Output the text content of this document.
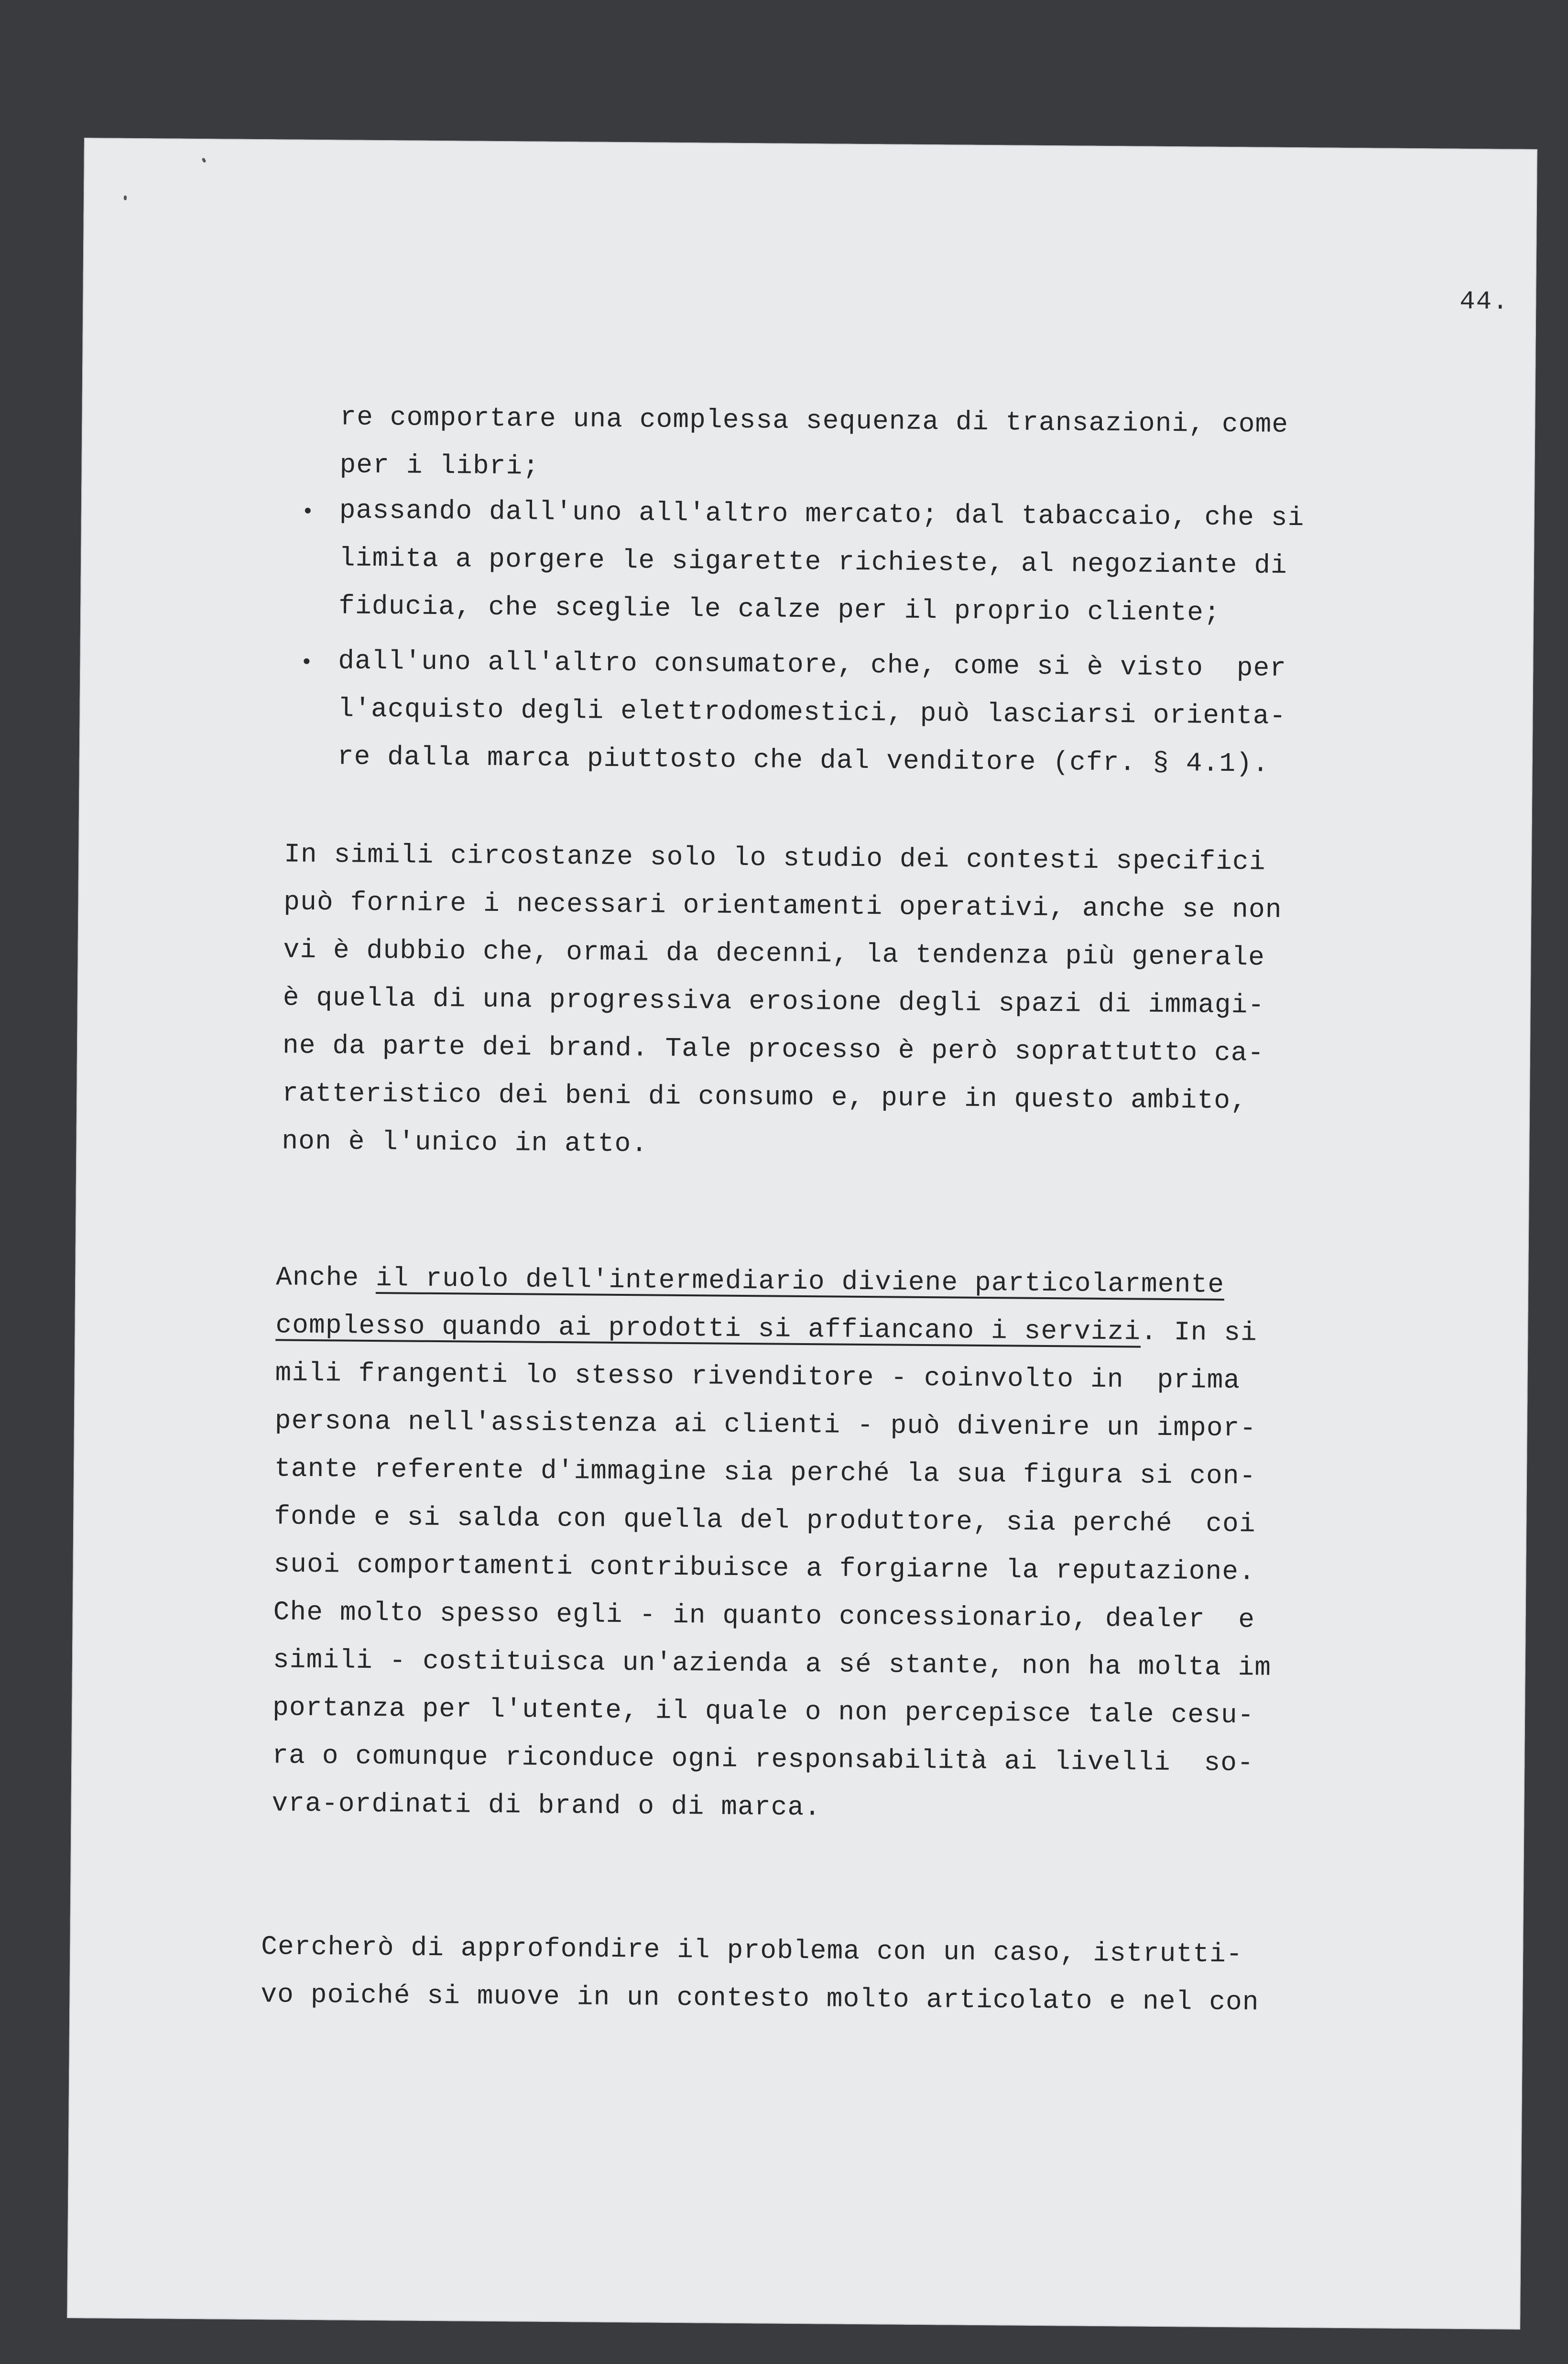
44.
re comportare una complessa sequenza di transazioni, come
per i libri;
passando dall'uno all'altro mercato; dal tabaccaio, che si
limita a porgere le sigarette richieste, al negoziante di
fiducia, che sceglie le calze per il proprio cliente;
dall'uno all'altro consumatore, che, come si è visto  per
l'acquisto degli elettrodomestici, può lasciarsi orienta-
re dalla marca piuttosto che dal venditore (cfr. § 4.1).
In simili circostanze solo lo studio dei contesti specifici
può fornire i necessari orientamenti operativi, anche se non
vi è dubbio che, ormai da decenni, la tendenza più generale
è quella di una progressiva erosione degli spazi di immagi-
ne da parte dei brand. Tale processo è però soprattutto ca-
ratteristico dei beni di consumo e, pure in questo ambito,
non è l'unico in atto.
Anche il ruolo dell'intermediario diviene particolarmente
complesso quando ai prodotti si affiancano i servizi. In si
mili frangenti lo stesso rivenditore - coinvolto in  prima
persona nell'assistenza ai clienti - può divenire un impor-
tante referente d'immagine sia perché la sua figura si con-
fonde e si salda con quella del produttore, sia perché  coi
suoi comportamenti contribuisce a forgiarne la reputazione.
Che molto spesso egli - in quanto concessionario, dealer  e
simili - costituisca un'azienda a sé stante, non ha molta im
portanza per l'utente, il quale o non percepisce tale cesu-
ra o comunque riconduce ogni responsabilità ai livelli  so-
vra-ordinati di brand o di marca.
Cercherò di approfondire il problema con un caso, istrutti-
vo poiché si muove in un contesto molto articolato e nel con
